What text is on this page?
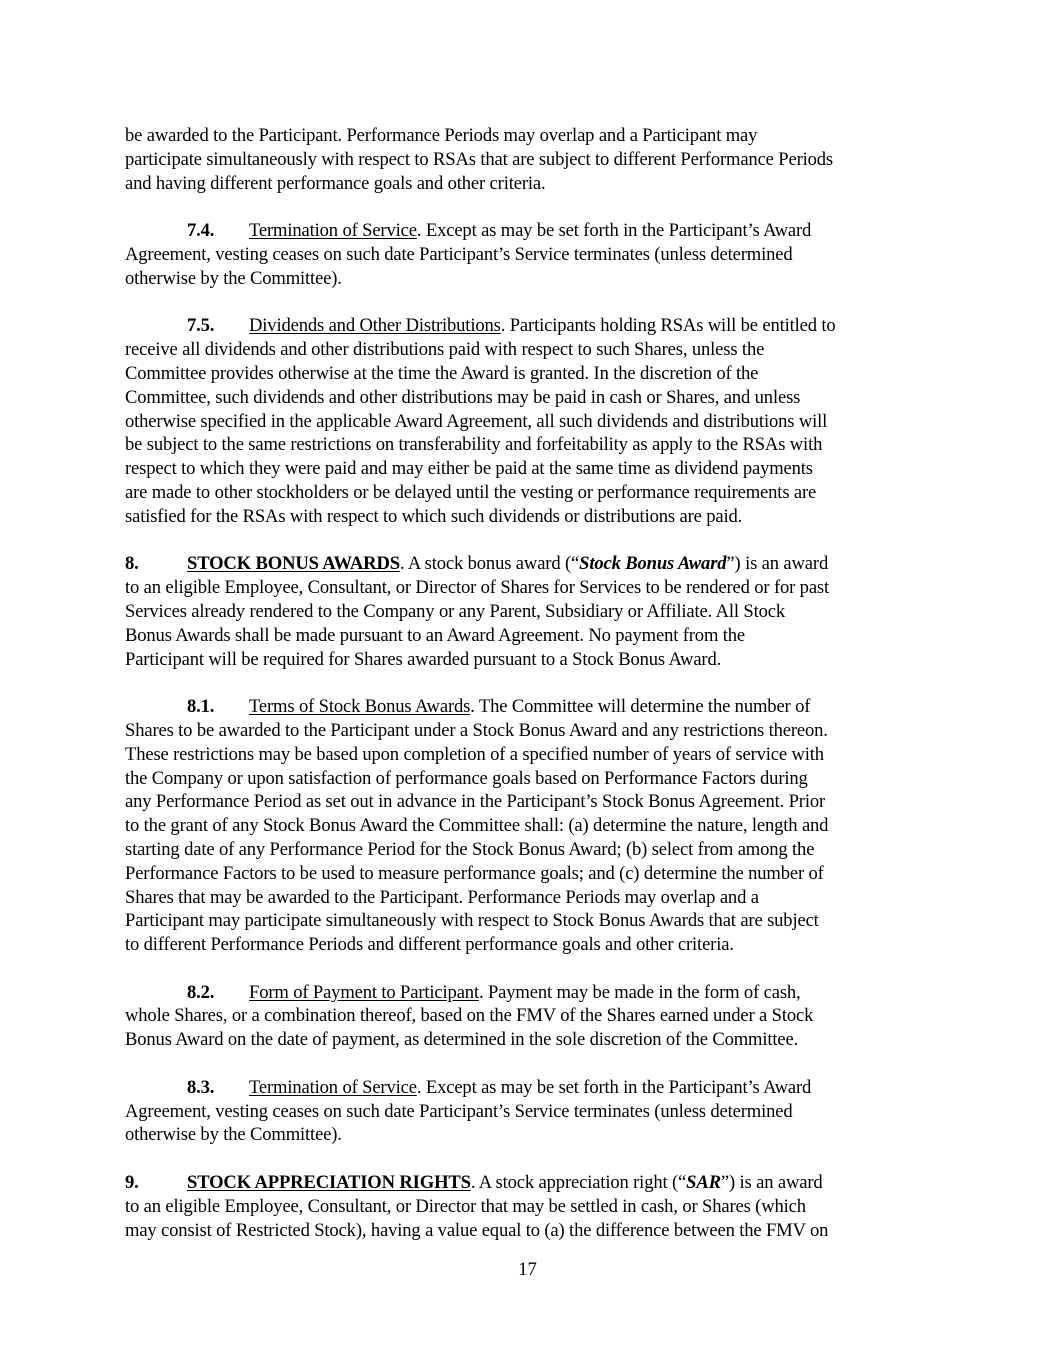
be awarded to the Participant. Performance Periods may overlap and a Participant may
participate simultaneously with respect to RSAs that are subject to different Performance Periods
and having different performance goals and other criteria.
7.4. Termination of Service. Except as may be set forth in the Participant’s Award
Agreement, vesting ceases on such date Participant’s Service terminates (unless determined
otherwise by the Committee).
7.5. Dividends and Other Distributions. Participants holding RSAs will be entitled to
receive all dividends and other distributions paid with respect to such Shares, unless the
Committee provides otherwise at the time the Award is granted. In the discretion of the
Committee, such dividends and other distributions may be paid in cash or Shares, and unless
otherwise specified in the applicable Award Agreement, all such dividends and distributions will
be subject to the same restrictions on transferability and forfeitability as apply to the RSAs with
respect to which they were paid and may either be paid at the same time as dividend payments
are made to other stockholders or be delayed until the vesting or performance requirements are
satisfied for the RSAs with respect to which such dividends or distributions are paid.
8.	STOCK BONUS AWARDS. A stock bonus award (“Stock Bonus Award”) is an award
to an eligible Employee, Consultant, or Director of Shares for Services to be rendered or for past
Services already rendered to the Company or any Parent, Subsidiary or Affiliate. All Stock
Bonus Awards shall be made pursuant to an Award Agreement. No payment from the
Participant will be required for Shares awarded pursuant to a Stock Bonus Award.
8.1. Terms of Stock Bonus Awards. The Committee will determine the number of
Shares to be awarded to the Participant under a Stock Bonus Award and any restrictions thereon.
These restrictions may be based upon completion of a specified number of years of service with
the Company or upon satisfaction of performance goals based on Performance Factors during
any Performance Period as set out in advance in the Participant’s Stock Bonus Agreement. Prior
to the grant of any Stock Bonus Award the Committee shall: (a) determine the nature, length and
starting date of any Performance Period for the Stock Bonus Award; (b) select from among the
Performance Factors to be used to measure performance goals; and (c) determine the number of
Shares that may be awarded to the Participant. Performance Periods may overlap and a
Participant may participate simultaneously with respect to Stock Bonus Awards that are subject
to different Performance Periods and different performance goals and other criteria.
8.2. Form of Payment to Participant. Payment may be made in the form of cash,
whole Shares, or a combination thereof, based on the FMV of the Shares earned under a Stock
Bonus Award on the date of payment, as determined in the sole discretion of the Committee.
8.3. Termination of Service. Except as may be set forth in the Participant’s Award
Agreement, vesting ceases on such date Participant’s Service terminates (unless determined
otherwise by the Committee).
9.	STOCK APPRECIATION RIGHTS. A stock appreciation right (“SAR”) is an award
to an eligible Employee, Consultant, or Director that may be settled in cash, or Shares (which
may consist of Restricted Stock), having a value equal to (a) the difference between the FMV on
17
